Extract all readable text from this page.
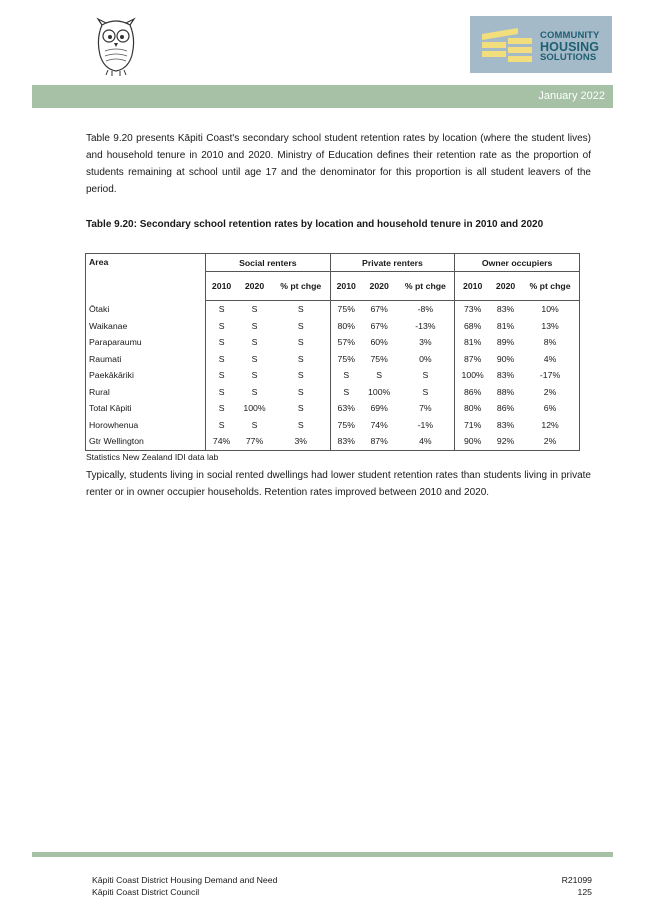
COMMUNITY
HOUSING
SOLUTIONS
January 2022

Table 9.20 presents Kāpiti Coast's secondary school student retention rates by location (where the student lives) and household tenure in 2010 and 2020. Ministry of Education defines their retention rate as the proportion of students remaining at school until age 17 and the denominator for this proportion is all student leavers of the period.

Table 9.20: Secondary school retention rates by location and household tenure in 2010 and 2020
Area	Social renters			Private renters			Owner occupiers		
	2010	2020	% pt chge	2010	2020	% pt chge	2010	2020	% pt chge
Ōtaki	S	S	S	75%	67%	-8%	73%	83%	10%
Waikanae	S	S	S	80%	67%	-13%	68%	81%	13%
Paraparaumu	S	S	S	57%	60%	3%	81%	89%	8%
Raumati	S	S	S	75%	75%	0%	87%	90%	4%
Paekākāriki	S	S	S	S	S	S	100%	83%	-17%
Rural	S	S	S	S	100%	S	86%	88%	2%
Total Kāpiti	S	100%	S	63%	69%	7%	80%	86%	6%
Horowhenua	S	S	S	75%	74%	-1%	71%	83%	12%
Gtr Wellington	74%	77%	3%	83%	87%	4%	90%	92%	2%
Statistics New Zealand IDI data lab

Typically, students living in social rented dwellings had lower student retention rates than students living in private renter or in owner occupier households. Retention rates improved between 2010 and 2020.

Kāpiti Coast District Housing Demand and Need
Kāpiti Coast District Council
R21099
125
